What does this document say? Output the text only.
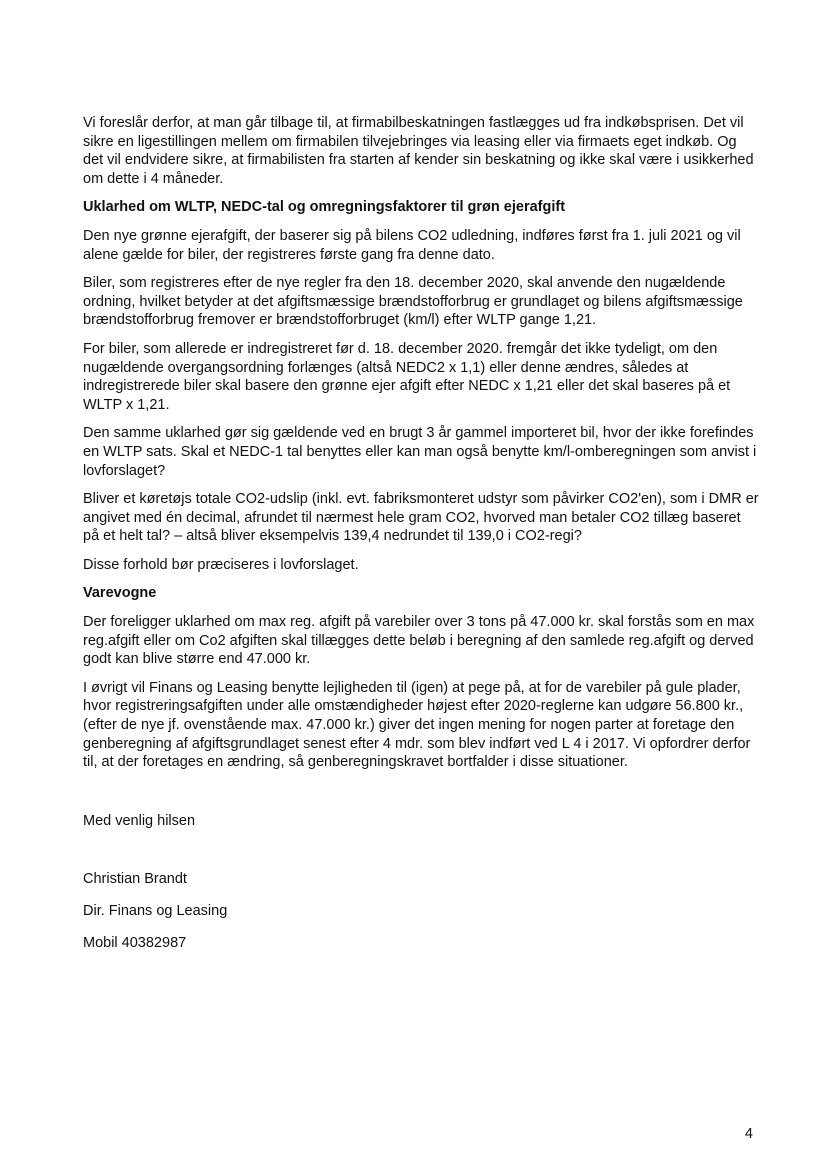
Vi foreslår derfor, at man går tilbage til, at firmabilbeskatningen fastlægges ud fra indkøbsprisen. Det vil sikre en ligestillingen mellem om firmabilen tilvejebringes via leasing eller via firmaets eget indkøb. Og det vil endvidere sikre, at firmabilisten fra starten af kender sin beskatning og ikke skal være i usikkerhed om dette i 4 måneder.

Uklarhed om WLTP, NEDC-tal og omregningsfaktorer til grøn ejerafgift

Den nye grønne ejerafgift, der baserer sig på bilens CO2 udledning, indføres først fra 1. juli 2021 og vil alene gælde for biler, der registreres første gang fra denne dato.

Biler, som registreres efter de nye regler fra den 18. december 2020, skal anvende den nugældende ordning, hvilket betyder at det afgiftsmæssige brændstofforbrug er grundlaget og bilens afgiftsmæssige brændstofforbrug fremover er brændstofforbruget (km/l) efter WLTP gange 1,21.

For biler, som allerede er indregistreret før d. 18. december 2020. fremgår det ikke tydeligt, om den nugældende overgangsordning forlænges (altså NEDC2 x 1,1) eller denne ændres, således at indregistrerede biler skal basere den grønne ejer afgift efter NEDC x 1,21 eller det skal baseres på et WLTP x 1,21.

Den samme uklarhed gør sig gældende ved en brugt 3 år gammel importeret bil, hvor der ikke forefindes en WLTP sats. Skal et NEDC-1 tal benyttes eller kan man også benytte km/l-omberegningen som anvist i lovforslaget?

Bliver et køretøjs totale CO2-udslip (inkl. evt. fabriksmonteret udstyr som påvirker CO2'en), som i DMR er angivet med én decimal, afrundet til nærmest hele gram CO2, hvorved man betaler CO2 tillæg baseret på et helt tal? – altså bliver eksempelvis 139,4 nedrundet til 139,0 i CO2-regi?

Disse forhold bør præciseres i lovforslaget.

Varevogne

Der foreligger uklarhed om max reg. afgift på varebiler over 3 tons på 47.000 kr. skal forstås som en max reg.afgift eller om Co2 afgiften skal tillægges dette beløb i beregning af den samlede reg.afgift og derved godt kan blive større end 47.000 kr.

I øvrigt vil Finans og Leasing benytte lejligheden til (igen) at pege på, at for de varebiler på gule plader, hvor registreringsafgiften under alle omstændigheder højest efter 2020-reglerne kan udgøre 56.800 kr., (efter de nye jf. ovenstående max. 47.000 kr.) giver det ingen mening for nogen parter at foretage den genberegning af afgiftsgrundlaget senest efter 4 mdr. som blev indført ved L 4 i 2017. Vi opfordrer derfor til, at der foretages en ændring, så genberegningskravet bortfalder i disse situationer.

Med venlig hilsen

Christian Brandt

Dir. Finans og Leasing

Mobil 40382987

4
